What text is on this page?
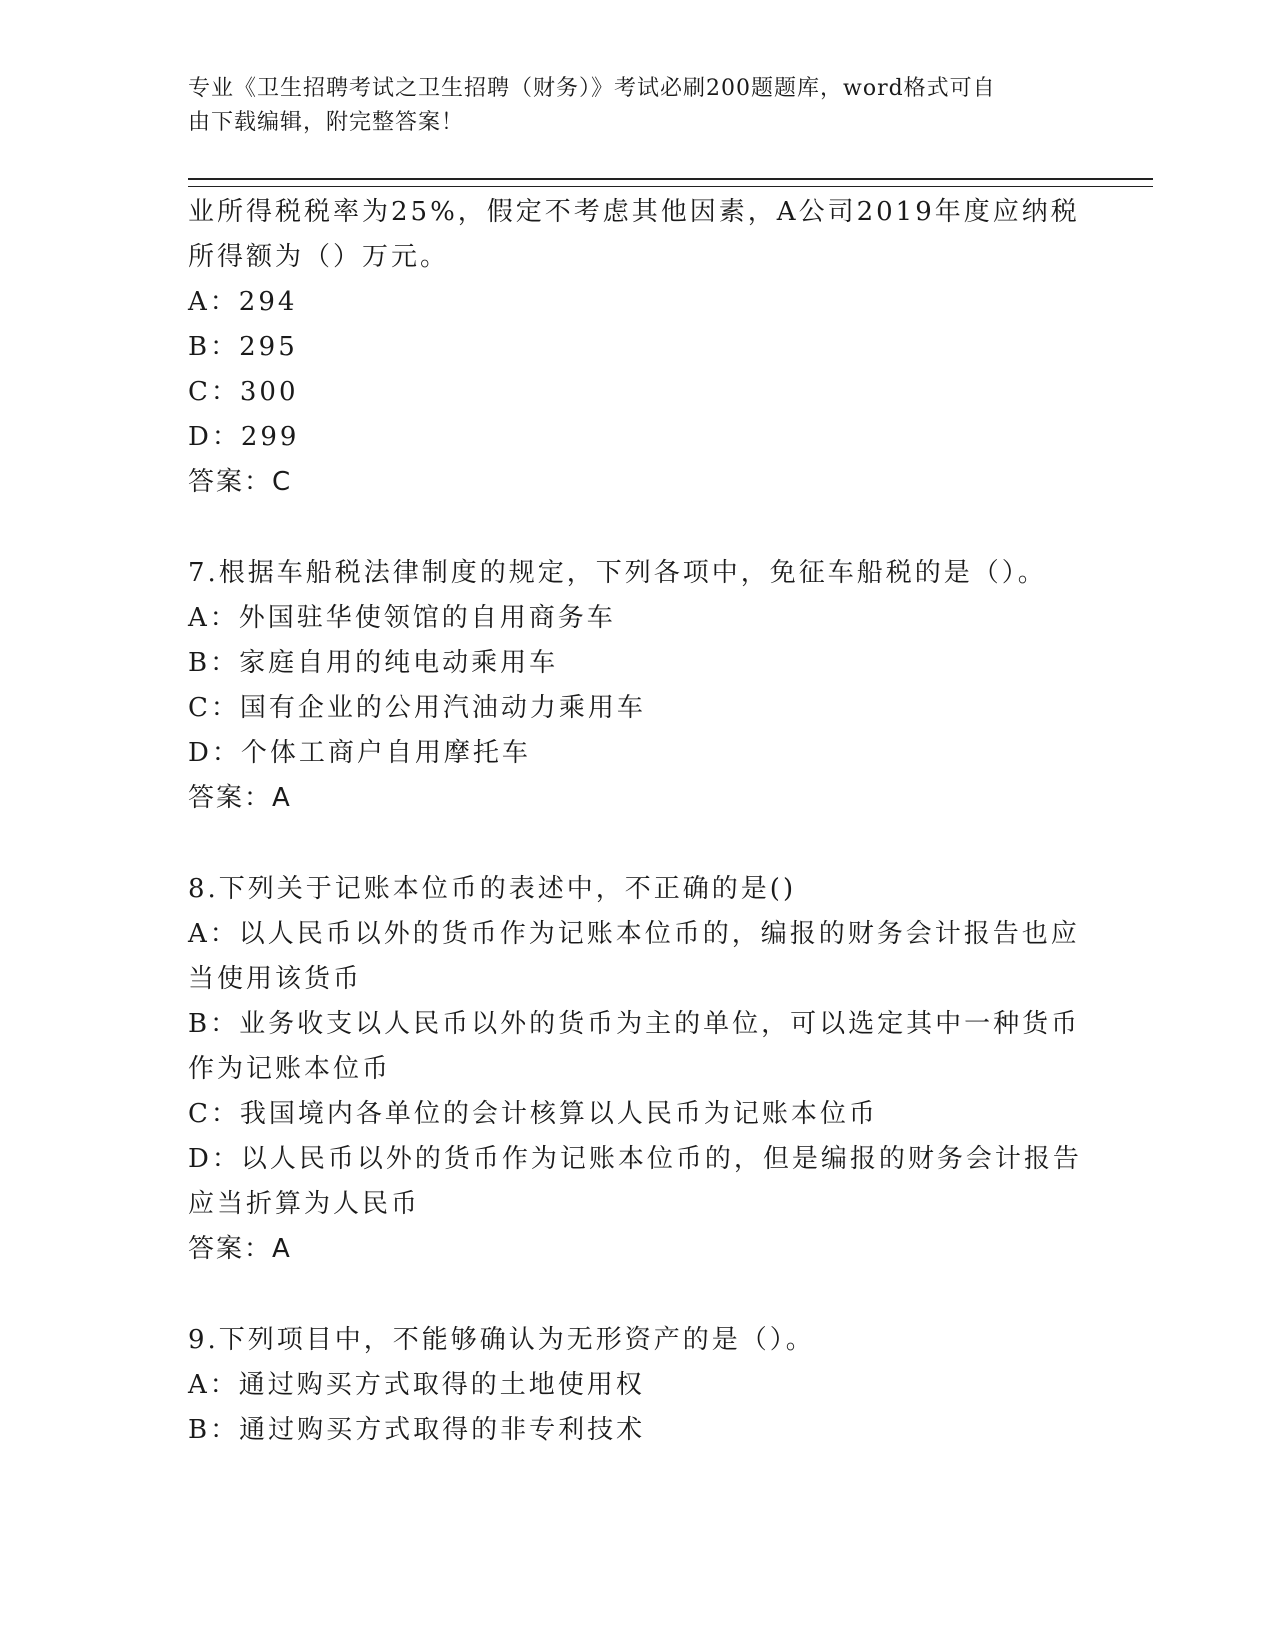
专业《卫生招聘考试之卫生招聘（财务）》考试必刷200题题库，word格式可自
由下载编辑，附完整答案！
业所得税税率为25%，假定不考虑其他因素，A公司2019年度应纳税
所得额为（）万元。
A：294
B：295
C：300
D：299
答案：C
7.根据车船税法律制度的规定，下列各项中，免征车船税的是（）。
A：外国驻华使领馆的自用商务车
B：家庭自用的纯电动乘用车
C：国有企业的公用汽油动力乘用车
D：个体工商户自用摩托车
答案：A
8.下列关于记账本位币的表述中，不正确的是()
A：以人民币以外的货币作为记账本位币的，编报的财务会计报告也应
当使用该货币
B：业务收支以人民币以外的货币为主的单位，可以选定其中一种货币
作为记账本位币
C：我国境内各单位的会计核算以人民币为记账本位币
D：以人民币以外的货币作为记账本位币的，但是编报的财务会计报告
应当折算为人民币
答案：A
9.下列项目中，不能够确认为无形资产的是（）。
A：通过购买方式取得的土地使用权
B：通过购买方式取得的非专利技术
